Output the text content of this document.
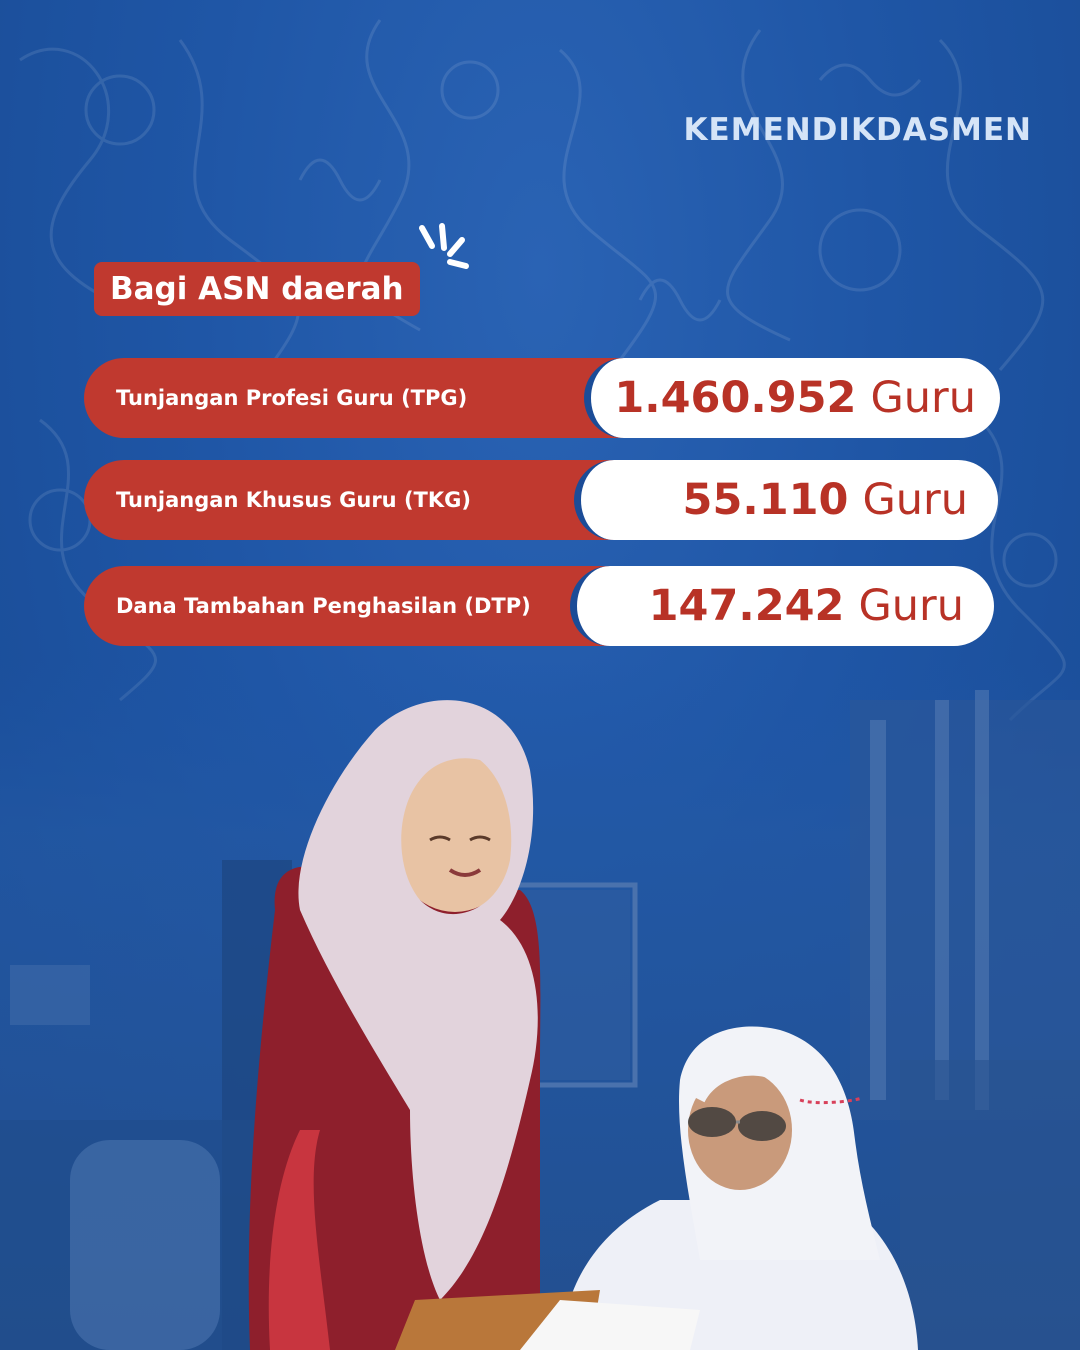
KEMENDIKDASMEN
Bagi ASN daerah
Tunjangan Profesi Guru (TPG)	1.460.952 Guru
Tunjangan Khusus Guru (TKG)	55.110 Guru
Dana Tambahan Penghasilan (DTP)	147.242 Guru
